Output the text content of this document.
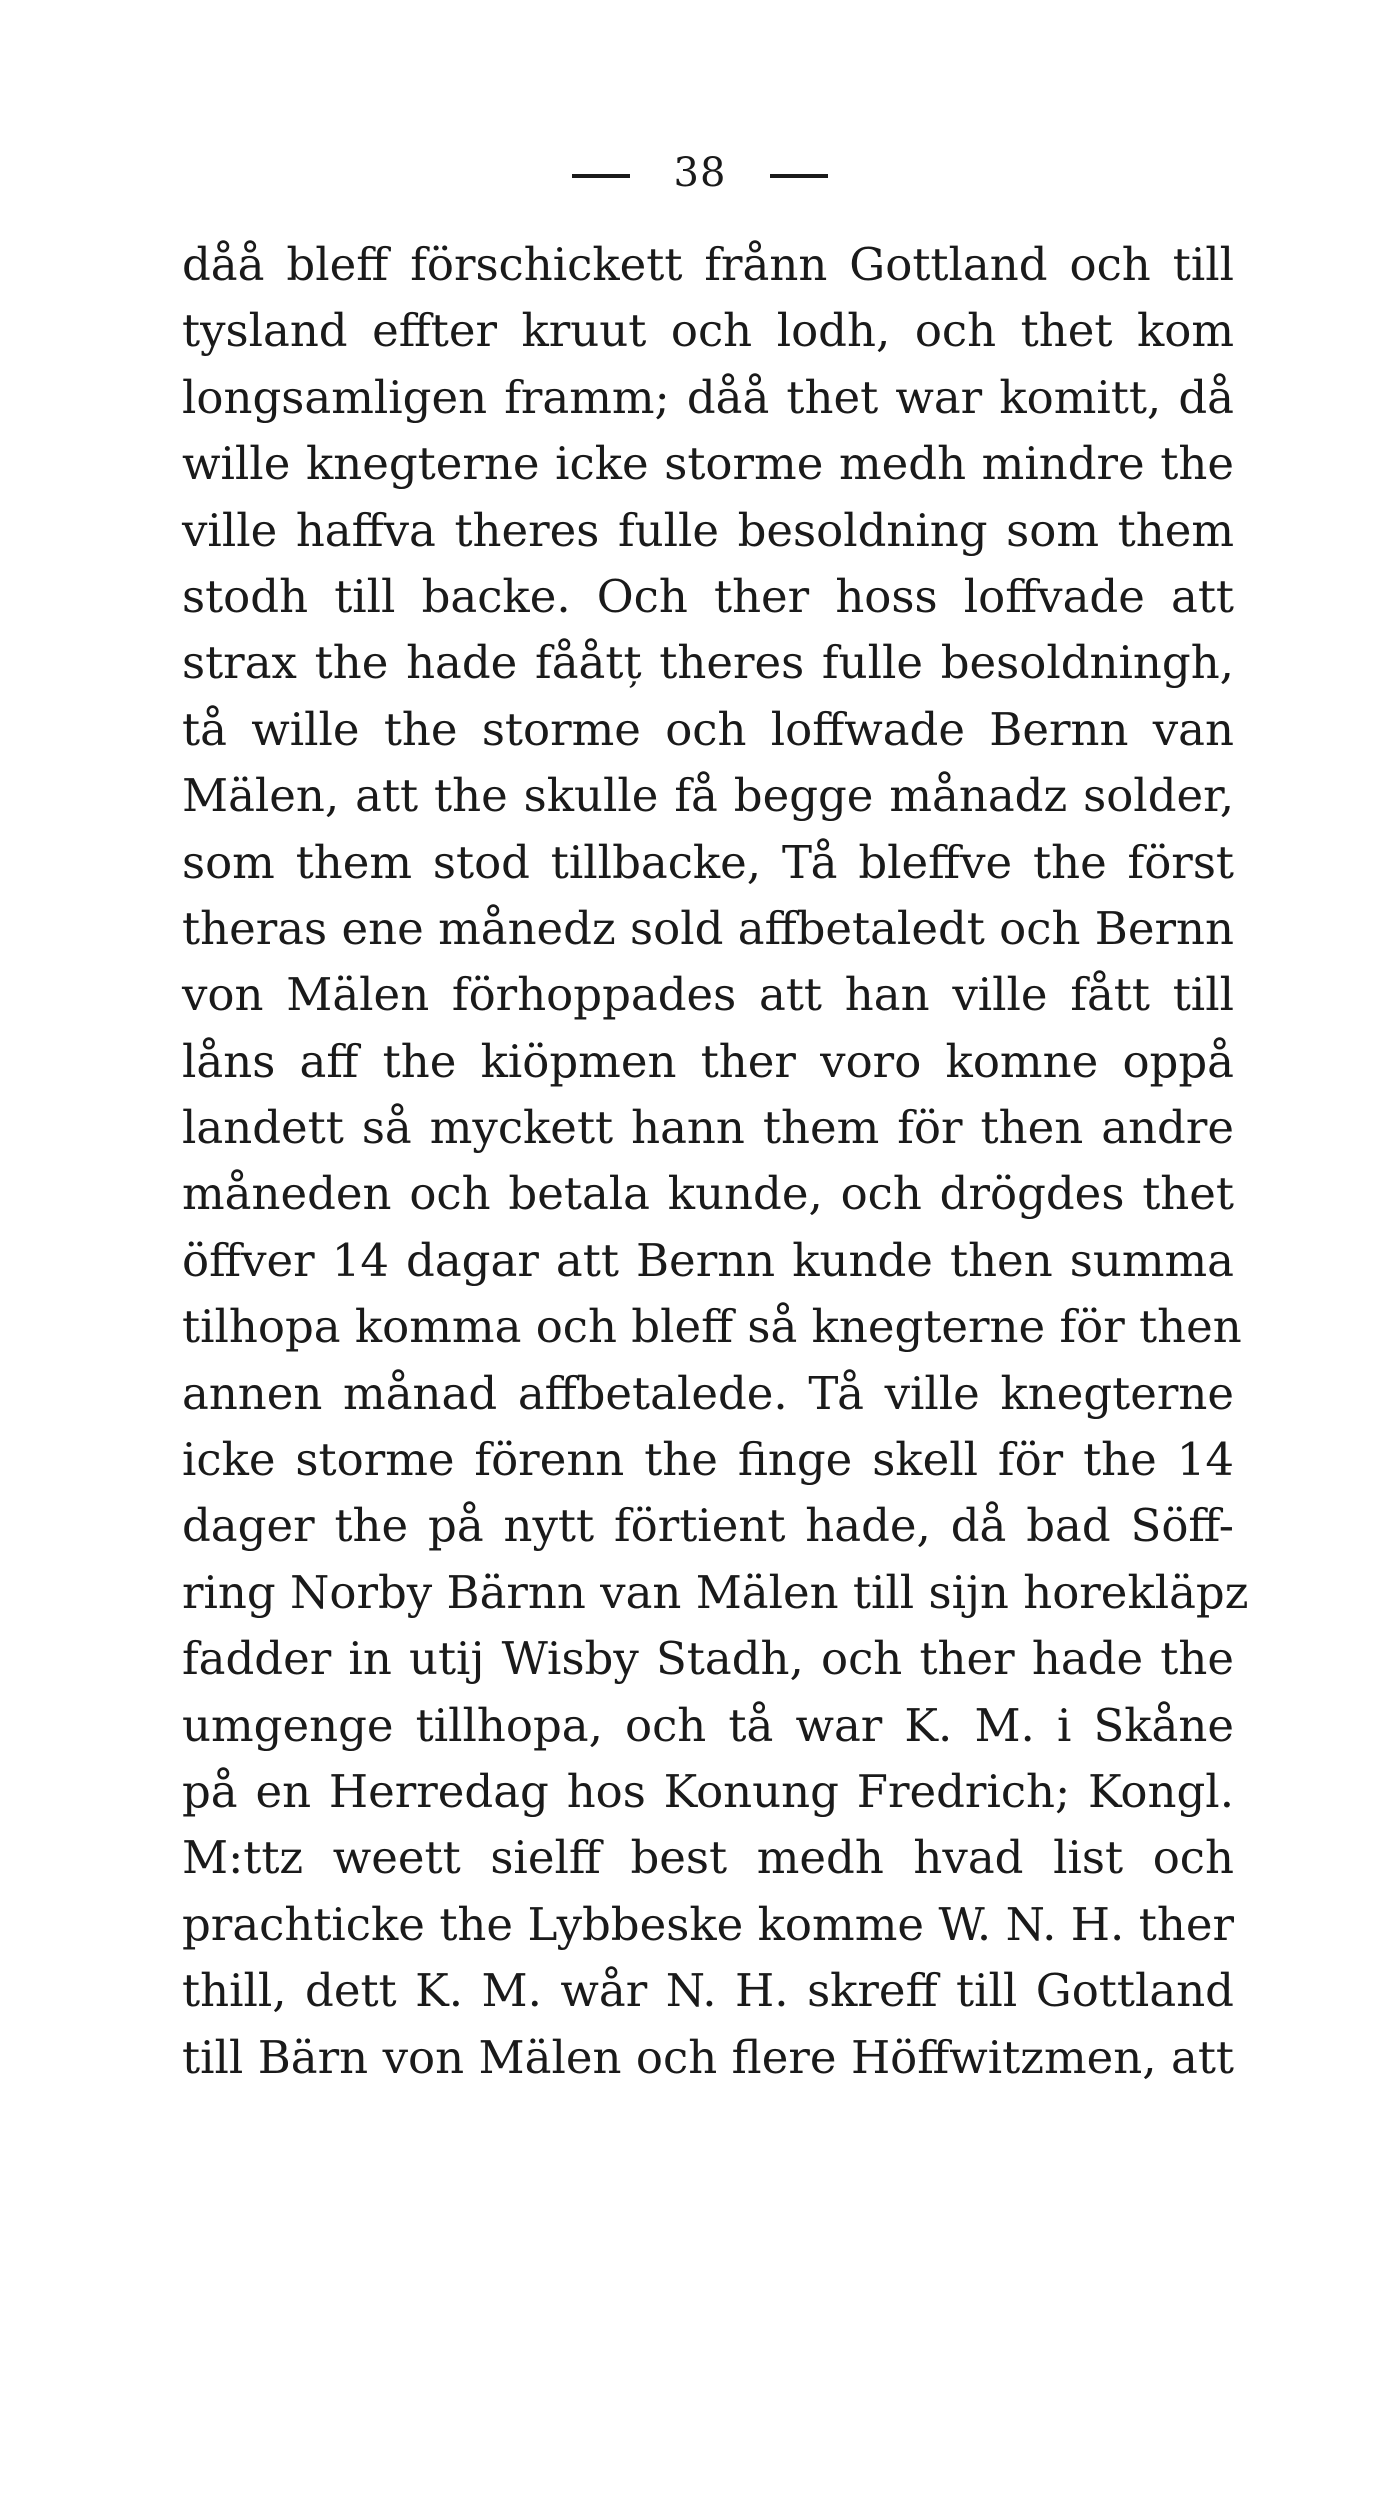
38
dåå bleff förschickett frånn Gottland och till
tysland effter kruut och lodh, och thet kom
longsamligen framm; dåå thet war komitt, då
wille knegterne icke storme medh mindre the
ville haffva theres fulle besoldning som them
stodh till backe. Och ther hoss loffvade att
strax the hade fååtț theres fulle besoldningh,
tå wille the storme och loffwade Bernn van
Mälen, att the skulle få begge månadz solder,
som them stod tillbacke, Tå bleffve the först
theras ene månedz sold affbetaledt och Bernn
von Mälen förhoppades att han ville fått till
låns aff the kiöpmen ther voro komne oppå
landett så myckett hann them för then andre
måneden och betala kunde, och drögdes thet
öffver 14 dagar att Bernn kunde then summa
tilhopa komma och bleff så knegterne för then
annen månad affbetalede. Tå ville knegterne
icke storme förenn the finge skell för the 14
dager the på nytt förtient hade, då bad Söff-
ring Norby Bärnn van Mälen till sijn horekläpz
fadder in utij Wisby Stadh, och ther hade the
umgenge tillhopa, och tå war K. M. i Skåne
på en Herredag hos Konung Fredrich; Kongl.
M:ttz weett sielff best medh hvad list och
prachticke the Lybbeske komme W. N. H. ther
thill, dett K. M. wår N. H. skreff till Gottland
till Bärn von Mälen och flere Höffwitzmen, att
